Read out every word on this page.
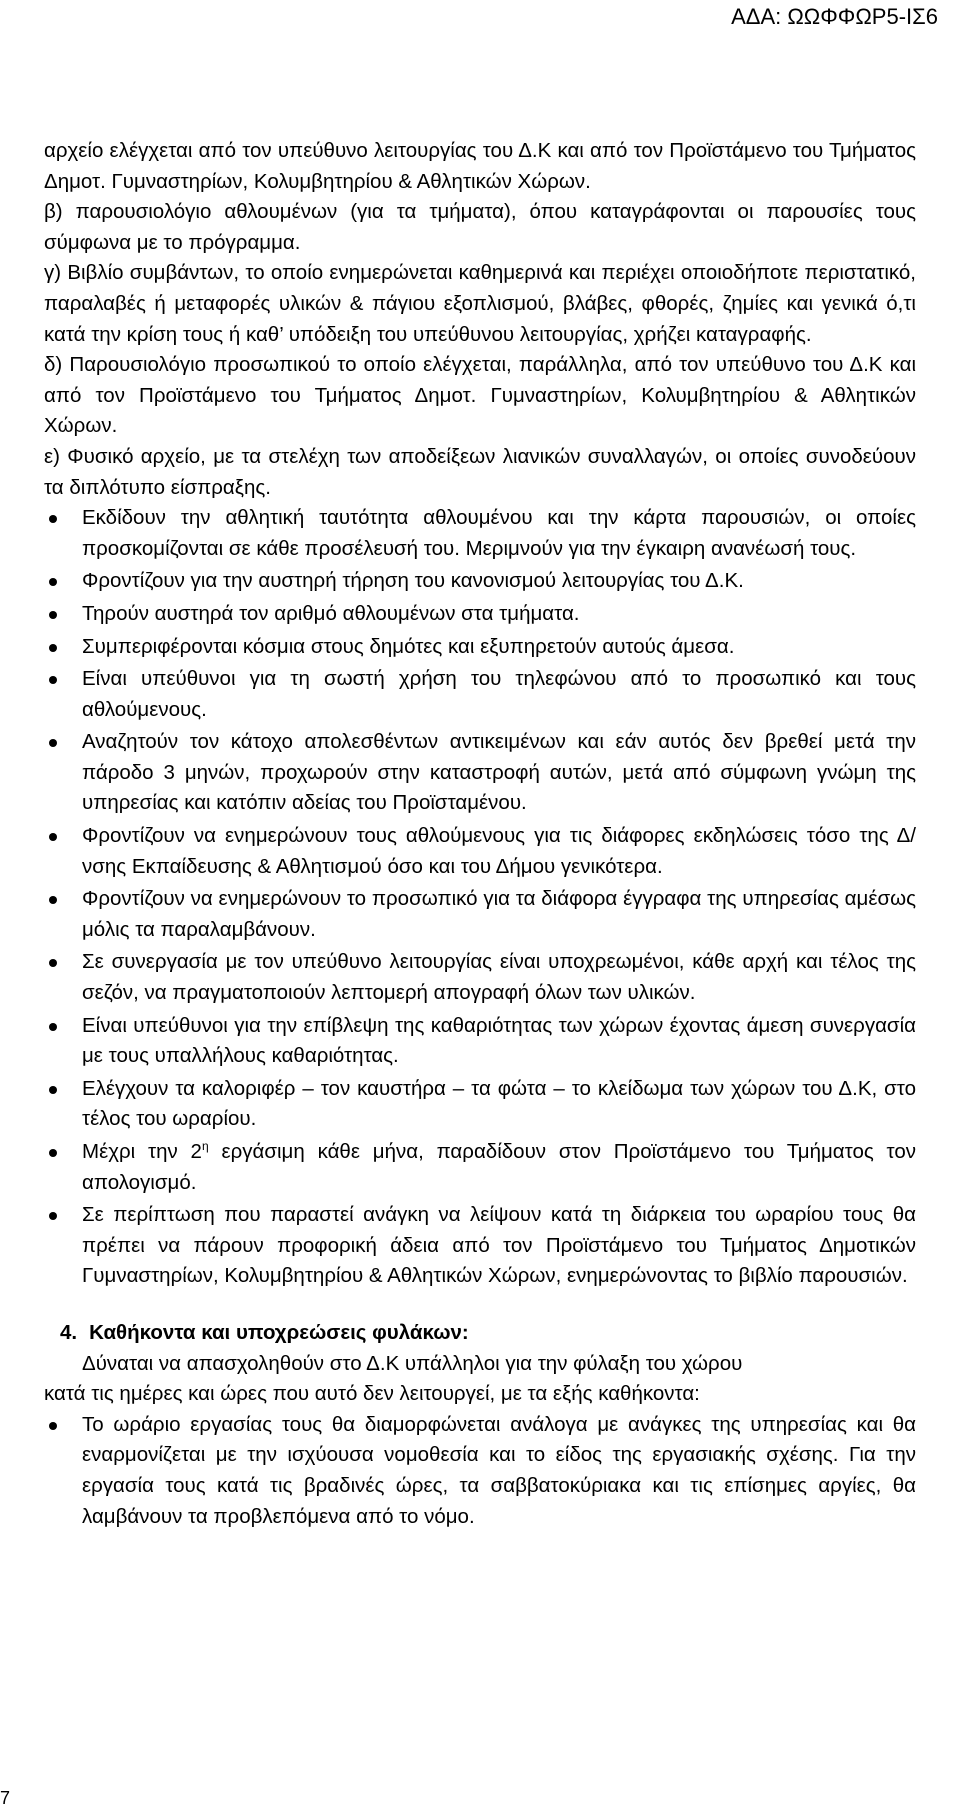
ΑΔΑ: ΩΩΦΦΩΡ5-ΙΣ6

αρχείο ελέγχεται από τον υπεύθυνο λειτουργίας του Δ.Κ και από τον Προϊστάμενο του Τμήματος Δημοτ. Γυμναστηρίων, Κολυμβητηρίου & Αθλητικών Χώρων.

β) παρουσιολόγιο αθλουμένων (για τα τμήματα), όπου καταγράφονται οι παρουσίες τους σύμφωνα με το πρόγραμμα.

γ) Βιβλίο συμβάντων, το οποίο ενημερώνεται καθημερινά και περιέχει οποιοδήποτε περιστατικό, παραλαβές ή μεταφορές υλικών & πάγιου εξοπλισμού, βλάβες, φθορές, ζημίες και γενικά ό,τι κατά την κρίση τους ή καθ’ υπόδειξη του υπεύθυνου λειτουργίας, χρήζει καταγραφής.

δ) Παρουσιολόγιο προσωπικού το οποίο ελέγχεται, παράλληλα, από τον υπεύθυνο του Δ.Κ και από τον Προϊστάμενο του Τμήματος Δημοτ. Γυμναστηρίων, Κολυμβητηρίου & Αθλητικών Χώρων.

ε) Φυσικό αρχείο, με τα στελέχη των αποδείξεων λιανικών συναλλαγών, οι οποίες συνοδεύουν τα διπλότυπο είσπραξης.

Εκδίδουν την αθλητική ταυτότητα αθλουμένου και την κάρτα παρουσιών, οι οποίες προσκομίζονται σε κάθε προσέλευσή του. Μεριμνούν για την έγκαιρη ανανέωσή τους.

Φροντίζουν για την αυστηρή τήρηση του κανονισμού λειτουργίας του Δ.Κ.

Τηρούν αυστηρά τον αριθμό αθλουμένων στα τμήματα.

Συμπεριφέρονται κόσμια στους δημότες και εξυπηρετούν αυτούς άμεσα.

Είναι υπεύθυνοι για τη σωστή χρήση του τηλεφώνου από το προσωπικό και τους αθλούμενους.

Αναζητούν τον κάτοχο απολεσθέντων αντικειμένων και εάν αυτός δεν βρεθεί μετά την πάροδο 3 μηνών, προχωρούν στην καταστροφή αυτών, μετά από σύμφωνη γνώμη της υπηρεσίας και κατόπιν αδείας του Προϊσταμένου.

Φροντίζουν να ενημερώνουν τους αθλούμενους για τις διάφορες εκδηλώσεις τόσο της Δ/νσης Εκπαίδευσης & Αθλητισμού όσο και του Δήμου γενικότερα.

Φροντίζουν να ενημερώνουν το προσωπικό για τα διάφορα έγγραφα της υπηρεσίας αμέσως μόλις τα παραλαμβάνουν.

Σε συνεργασία με τον υπεύθυνο λειτουργίας είναι υποχρεωμένοι, κάθε αρχή και τέλος της σεζόν, να πραγματοποιούν λεπτομερή απογραφή όλων των υλικών.

Είναι υπεύθυνοι για την επίβλεψη της καθαριότητας των χώρων έχοντας άμεση συνεργασία με τους υπαλλήλους καθαριότητας.

Ελέγχουν τα καλοριφέρ – τον καυστήρα – τα φώτα – το κλείδωμα των χώρων του Δ.Κ, στο τέλος του ωραρίου.

Μέχρι την $2^\eta$ εργάσιμη κάθε μήνα, παραδίδουν στον Προϊστάμενο του Τμήματος τον απολογισμό.

Σε περίπτωση που παραστεί ανάγκη να λείψουν κατά τη διάρκεια του ωραρίου τους θα πρέπει να πάρουν προφορική άδεια από τον Προϊστάμενο του Τμήματος Δημοτικών Γυμναστηρίων, Κολυμβητηρίου & Αθλητικών Χώρων, ενημερώνοντας το βιβλίο παρουσιών.

4. Καθήκοντα και υποχρεώσεις φυλάκων:

Δύναται να απασχοληθούν στο Δ.Κ υπάλληλοι για την φύλαξη του χώρου

κατά τις ημέρες και ώρες που αυτό δεν λειτουργεί, με τα εξής καθήκοντα:

Το ωράριο εργασίας τους θα διαμορφώνεται ανάλογα με ανάγκες της υπηρεσίας και θα εναρμονίζεται με την ισχύουσα νομοθεσία και το είδος της εργασιακής σχέσης. Για την εργασία τους κατά τις βραδινές ώρες, τα σαββατοκύριακα και τις επίσημες αργίες, θα λαμβάνουν τα προβλεπόμενα από το νόμο.

7
